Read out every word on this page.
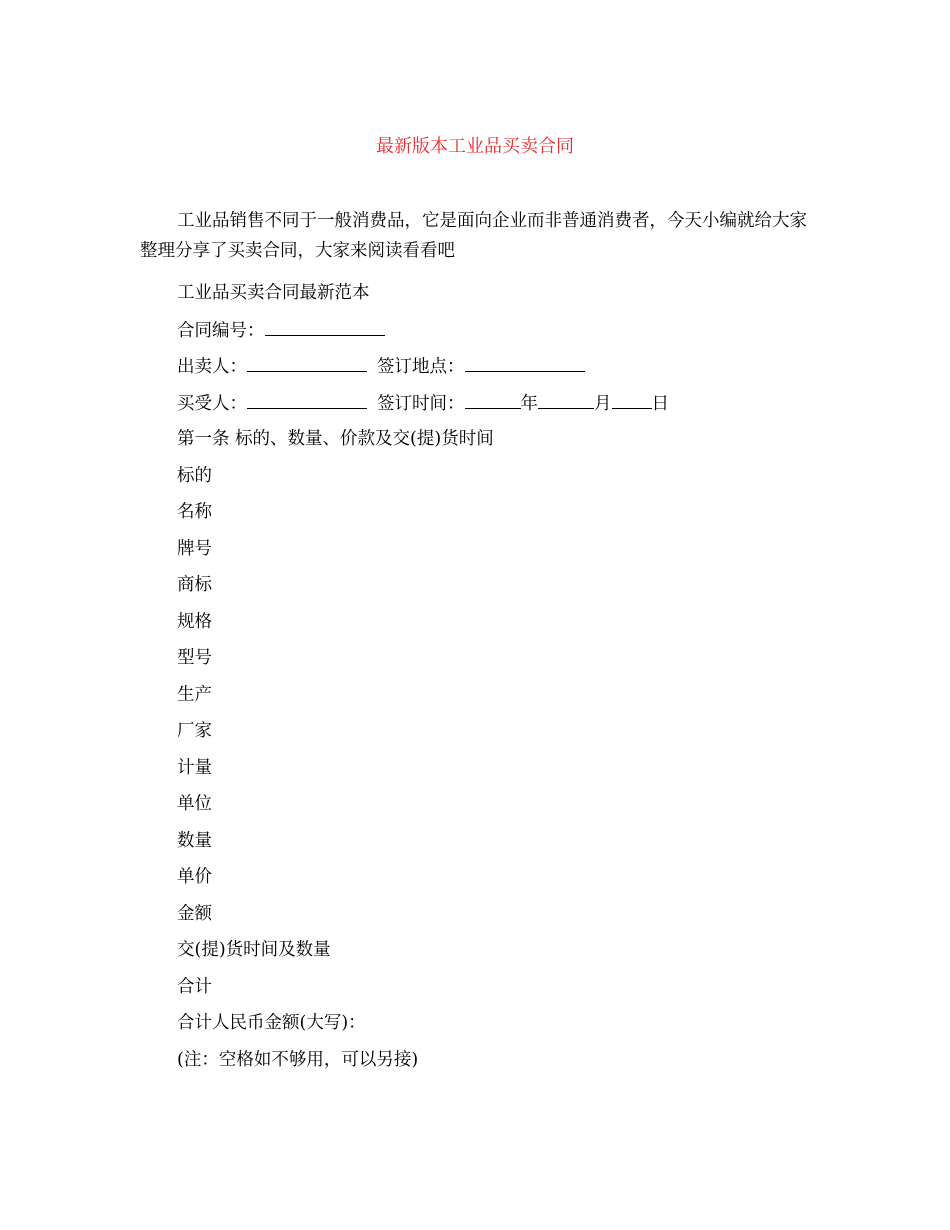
最新版本工业品买卖合同

工业品销售不同于一般消费品，它是面向企业而非普通消费者，今天小编就给大家整理分享了买卖合同，大家来阅读看看吧

工业品买卖合同最新范本
合同编号：
出卖人：	签订地点：
买受人：	签订时间：	年	月 日
第一条 标的、数量、价款及交(提)货时间
标的
名称
牌号
商标
规格
型号
生产
厂家
计量
单位
数量
单价
金额
交(提)货时间及数量
合计
合计人民币金额(大写)：
(注：空格如不够用，可以另接)
